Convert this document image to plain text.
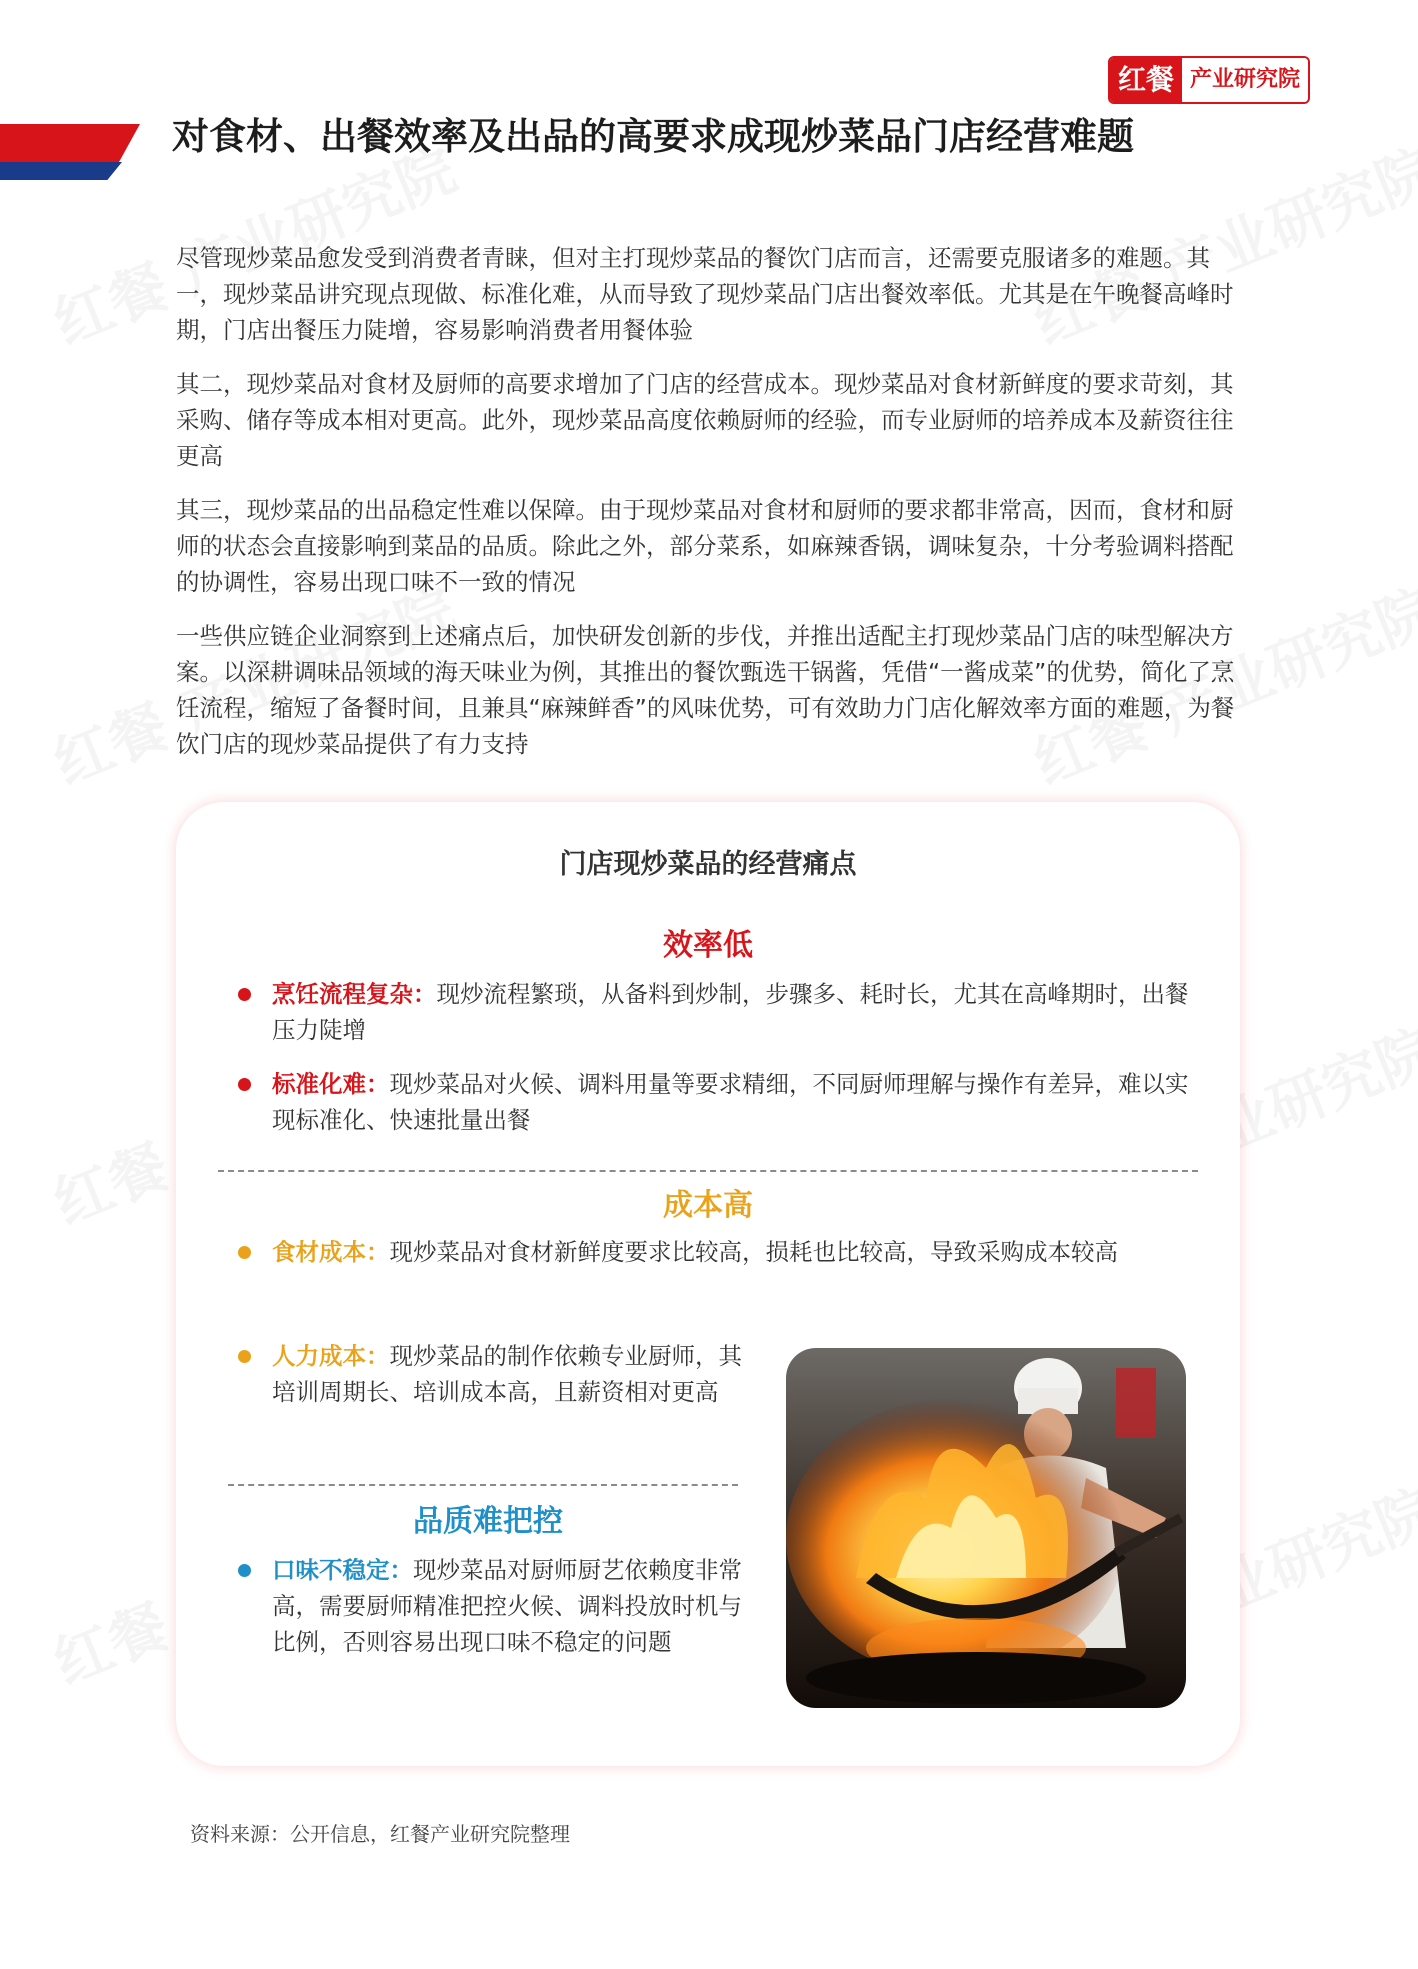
红餐 产业研究院
对食材、出餐效率及出品的高要求成现炒菜品门店经营难题

尽管现炒菜品愈发受到消费者青睐，但对主打现炒菜品的餐饮门店而言，还需要克服诸多的难题。其一，现炒菜品讲究现点现做、标准化难，从而导致了现炒菜品门店出餐效率低。尤其是在午晚餐高峰时期，门店出餐压力陡增，容易影响消费者用餐体验

其二，现炒菜品对食材及厨师的高要求增加了门店的经营成本。现炒菜品对食材新鲜度的要求苛刻，其采购、储存等成本相对更高。此外，现炒菜品高度依赖厨师的经验，而专业厨师的培养成本及薪资往往更高

其三，现炒菜品的出品稳定性难以保障。由于现炒菜品对食材和厨师的要求都非常高，因而，食材和厨师的状态会直接影响到菜品的品质。除此之外，部分菜系，如麻辣香锅，调味复杂，十分考验调料搭配的协调性，容易出现口味不一致的情况

一些供应链企业洞察到上述痛点后，加快研发创新的步伐，并推出适配主打现炒菜品门店的味型解决方案。以深耕调味品领域的海天味业为例，其推出的餐饮甄选干锅酱，凭借“一酱成菜”的优势，简化了烹饪流程，缩短了备餐时间，且兼具“麻辣鲜香”的风味优势，可有效助力门店化解效率方面的难题，为餐饮门店的现炒菜品提供了有力支持

门店现炒菜品的经营痛点
效率低
烹饪流程复杂：现炒流程繁琐，从备料到炒制，步骤多、耗时长，尤其在高峰期时，出餐压力陡增
标准化难：现炒菜品对火候、调料用量等要求精细，不同厨师理解与操作有差异，难以实现标准化、快速批量出餐
成本高
食材成本：现炒菜品对食材新鲜度要求比较高，损耗也比较高，导致采购成本较高
人力成本：现炒菜品的制作依赖专业厨师，其培训周期长、培训成本高，且薪资相对更高
品质难把控
口味不稳定：现炒菜品对厨师厨艺依赖度非常高，需要厨师精准把控火候、调料投放时机与比例，否则容易出现口味不稳定的问题
资料来源：公开信息，红餐产业研究院整理
